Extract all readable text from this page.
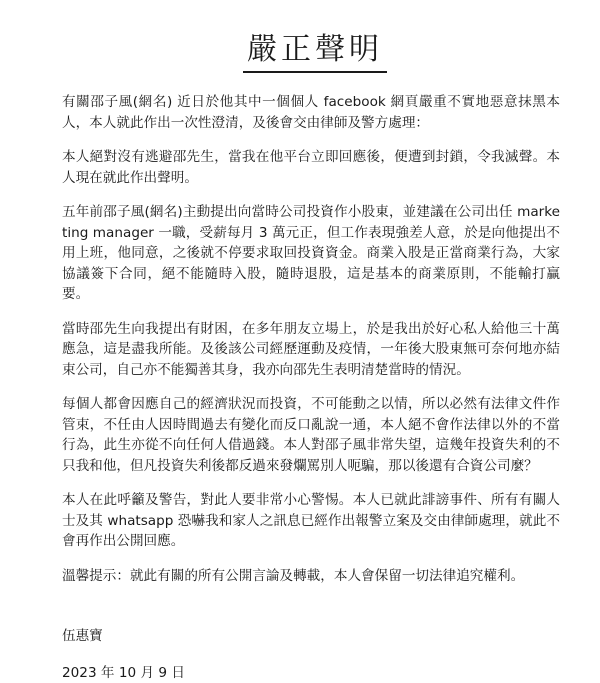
嚴正聲明

有關邵子風(網名) 近日於他其中一個個人 facebook 網頁嚴重不實地惡意抹黑本人，本人就此作出一次性澄清，及後會交由律師及警方處理：

本人絕對沒有逃避邵先生，當我在他平台立即回應後，便遭到封鎖，令我滅聲。本人現在就此作出聲明。

五年前邵子風(網名)主動提出向當時公司投資作小股東，並建議在公司出任 marketing manager 一職，受薪每月 3 萬元正，但工作表現強差人意，於是向他提出不用上班，他同意，之後就不停要求取回投資資金。商業入股是正當商業行為，大家協議簽下合同，絕不能隨時入股，隨時退股，這是基本的商業原則，不能輸打贏要。

當時邵先生向我提出有財困，在多年朋友立場上，於是我出於好心私人給他三十萬應急，這是盡我所能。及後該公司經歷運動及疫情，一年後大股東無可奈何地亦結束公司，自己亦不能獨善其身，我亦向邵先生表明清楚當時的情況。

每個人都會因應自己的經濟狀況而投資，不可能動之以情，所以必然有法律文件作管束，不任由人因時間過去有變化而反口亂說一通，本人絕不會作法律以外的不當行為，此生亦從不向任何人借過錢。本人對邵子風非常失望，這幾年投資失利的不只我和他，但凡投資失利後都反過來發爛罵別人呃騙，那以後還有合資公司麼？

本人在此呼籲及警告，對此人要非常小心警惕。本人已就此誹謗事件、所有有關人士及其 whatsapp 恐嚇我和家人之訊息已經作出報警立案及交由律師處理，就此不會再作出公開回應。

溫馨提示：就此有關的所有公開言論及轉載，本人會保留一切法律追究權利。

伍惠寶
2023 年 10 月 9 日
